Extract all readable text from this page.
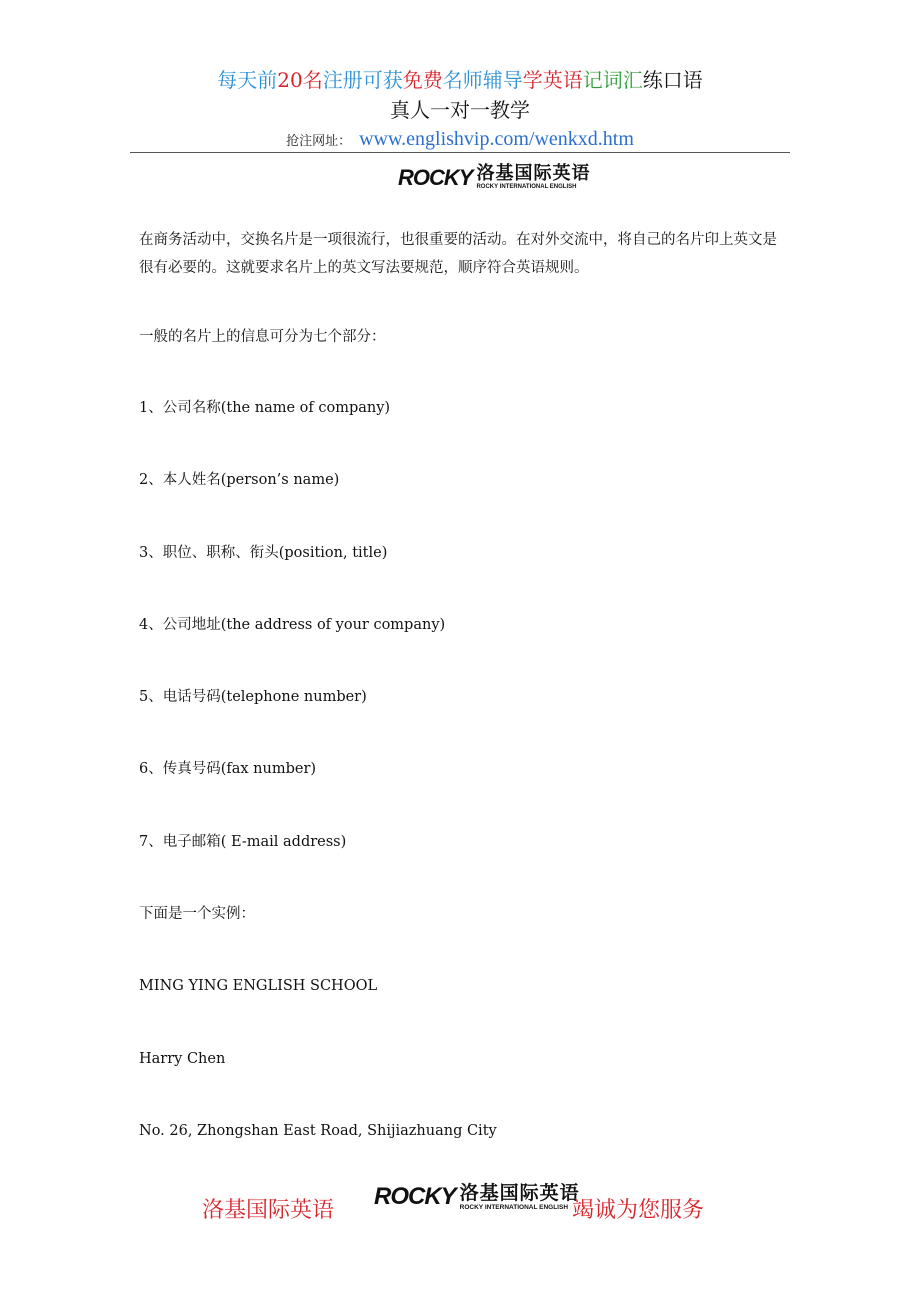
每天前20名注册可获免费名师辅导学英语记词汇练口语
真人一对一教学
抢注网址： www.englishvip.com/wenkxd.htm
ROCKY 洛基国际英语
ROCKY INTERNATIONAL ENGLISH
在商务活动中，交换名片是一项很流行，也很重要的活动。在对外交流中，将自己的名片印上英文是很有必要的。这就要求名片上的英文写法要规范，顺序符合英语规则。
一般的名片上的信息可分为七个部分：
1、公司名称(the name of company)
2、本人姓名(person’s name)
3、职位、职称、衔头(position, title)
4、公司地址(the address of your company)
5、电话号码(telephone number)
6、传真号码(fax number)
7、电子邮箱( E-mail address)
下面是一个实例：
MING YING ENGLISH SCHOOL
Harry Chen
No. 26, Zhongshan East Road, Shijiazhuang City
洛基国际英语
ROCKY 洛基国际英语
ROCKY INTERNATIONAL ENGLISH 竭诚为您服务
